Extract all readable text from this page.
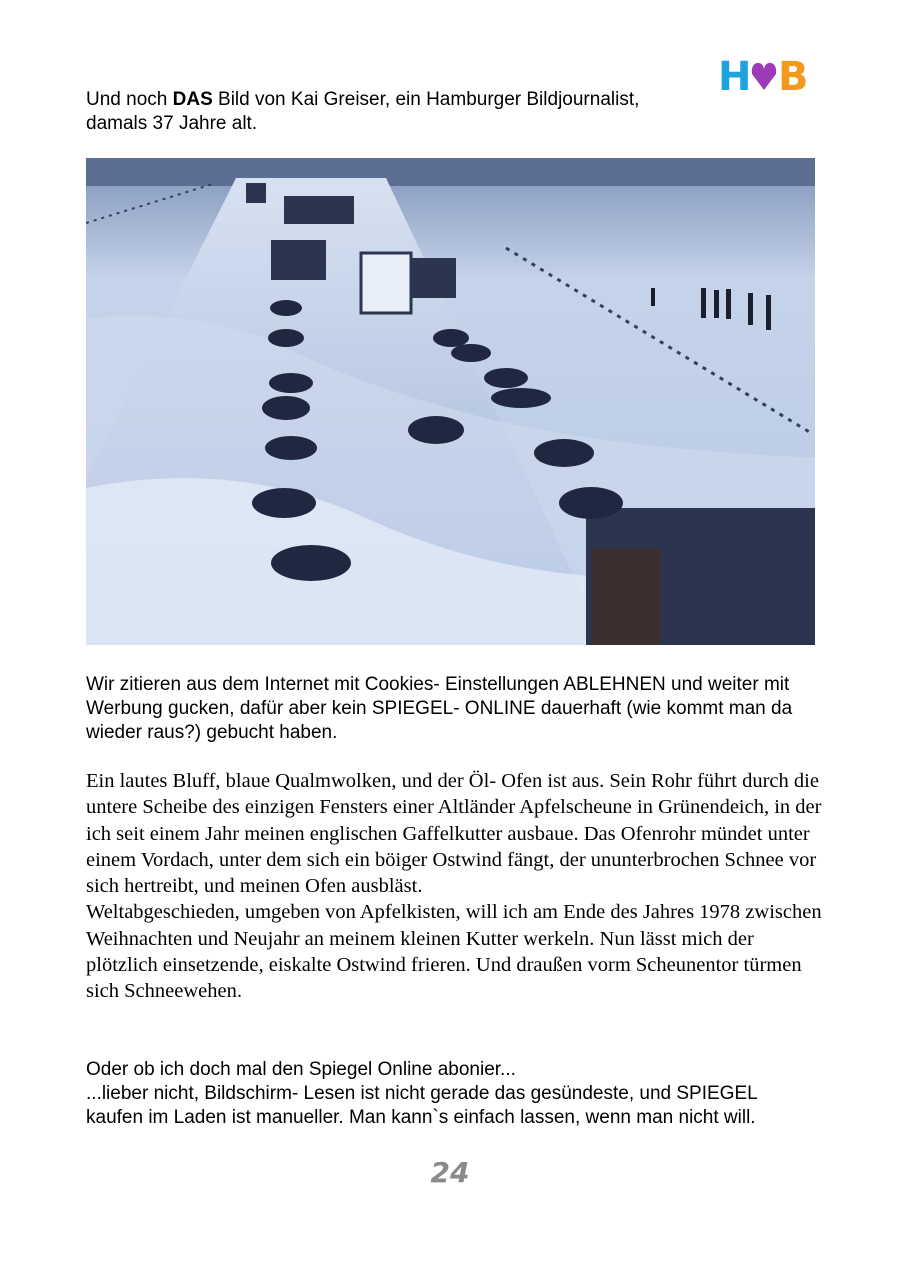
H B
Und noch DAS Bild von Kai Greiser, ein Hamburger Bildjournalist,
damals 37 Jahre alt.
Wir zitieren aus dem Internet mit Cookies- Einstellungen ABLEHNEN und weiter mit Werbung gucken, dafür aber kein SPIEGEL- ONLINE dauerhaft (wie kommt man da wieder raus?) gebucht haben.
Ein lautes Bluff, blaue Qualmwolken, und der Öl- Ofen ist aus. Sein Rohr führt durch die untere Scheibe des einzigen Fensters einer Altländer Apfelscheune in Grünendeich, in der ich seit einem Jahr meinen englischen Gaffelkutter ausbaue. Das Ofenrohr mündet unter einem Vordach, unter dem sich ein böiger Ostwind fängt, der ununterbrochen Schnee vor sich hertreibt, und meinen Ofen ausbläst.
Weltabgeschieden, umgeben von Apfelkisten, will ich am Ende des Jahres 1978 zwischen Weihnachten und Neujahr an meinem kleinen Kutter werkeln. Nun lässt mich der plötzlich einsetzende, eiskalte Ostwind frieren. Und draußen vorm Scheunentor türmen sich Schneewehen.
Oder ob ich doch mal den Spiegel Online abonier...
...lieber nicht, Bildschirm- Lesen ist nicht gerade das gesündeste, und SPIEGEL kaufen im Laden ist manueller. Man kann`s einfach lassen, wenn man nicht will.
24
